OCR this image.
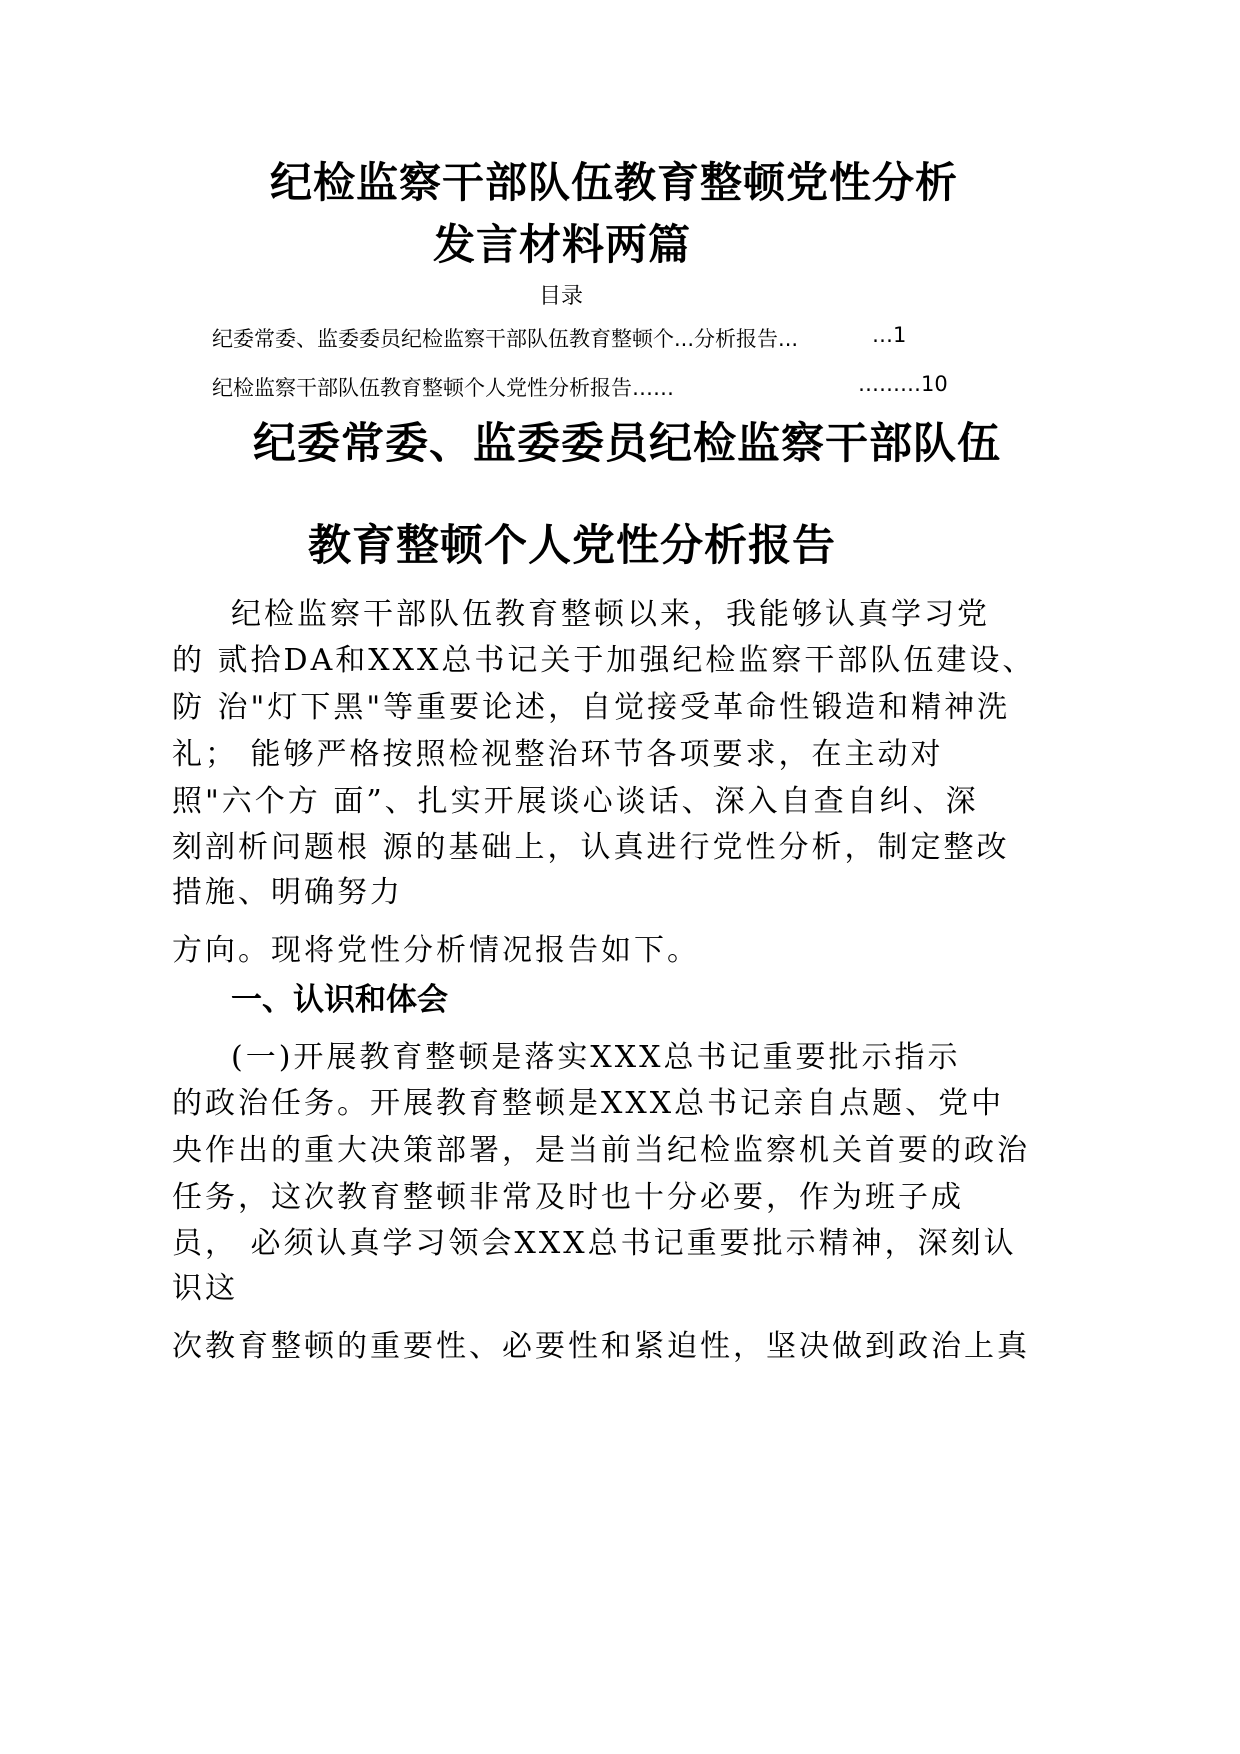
纪检监察干部队伍教育整顿党性分析
发言材料两篇
目录
纪委常委、监委委员纪检监察干部队伍教育整顿个...分析报告...	…1
纪检监察干部队伍教育整顿个人党性分析报告……	………10
纪委常委、监委委员纪检监察干部队伍
教育整顿个人党性分析报告
纪检监察干部队伍教育整顿以来，我能够认真学习党
的 贰拾DA和XXX总书记关于加强纪检监察干部队伍建设、
防 治"灯下黑"等重要论述，自觉接受革命性锻造和精神洗
礼； 能够严格按照检视整治环节各项要求，在主动对
照"六个方 面”、扎实开展谈心谈话、深入自查自纠、深
刻剖析问题根 源的基础上，认真进行党性分析，制定整改
措施、明确努力
方向。现将党性分析情况报告如下。
一、认识和体会
(一)开展教育整顿是落实XXX总书记重要批示指示
的政治任务。开展教育整顿是XXX总书记亲自点题、党中
央作出的重大决策部署，是当前当纪检监察机关首要的政治
任务，这次教育整顿非常及时也十分必要，作为班子成
员， 必须认真学习领会XXX总书记重要批示精神，深刻认
识这
次教育整顿的重要性、必要性和紧迫性，坚决做到政治上真
